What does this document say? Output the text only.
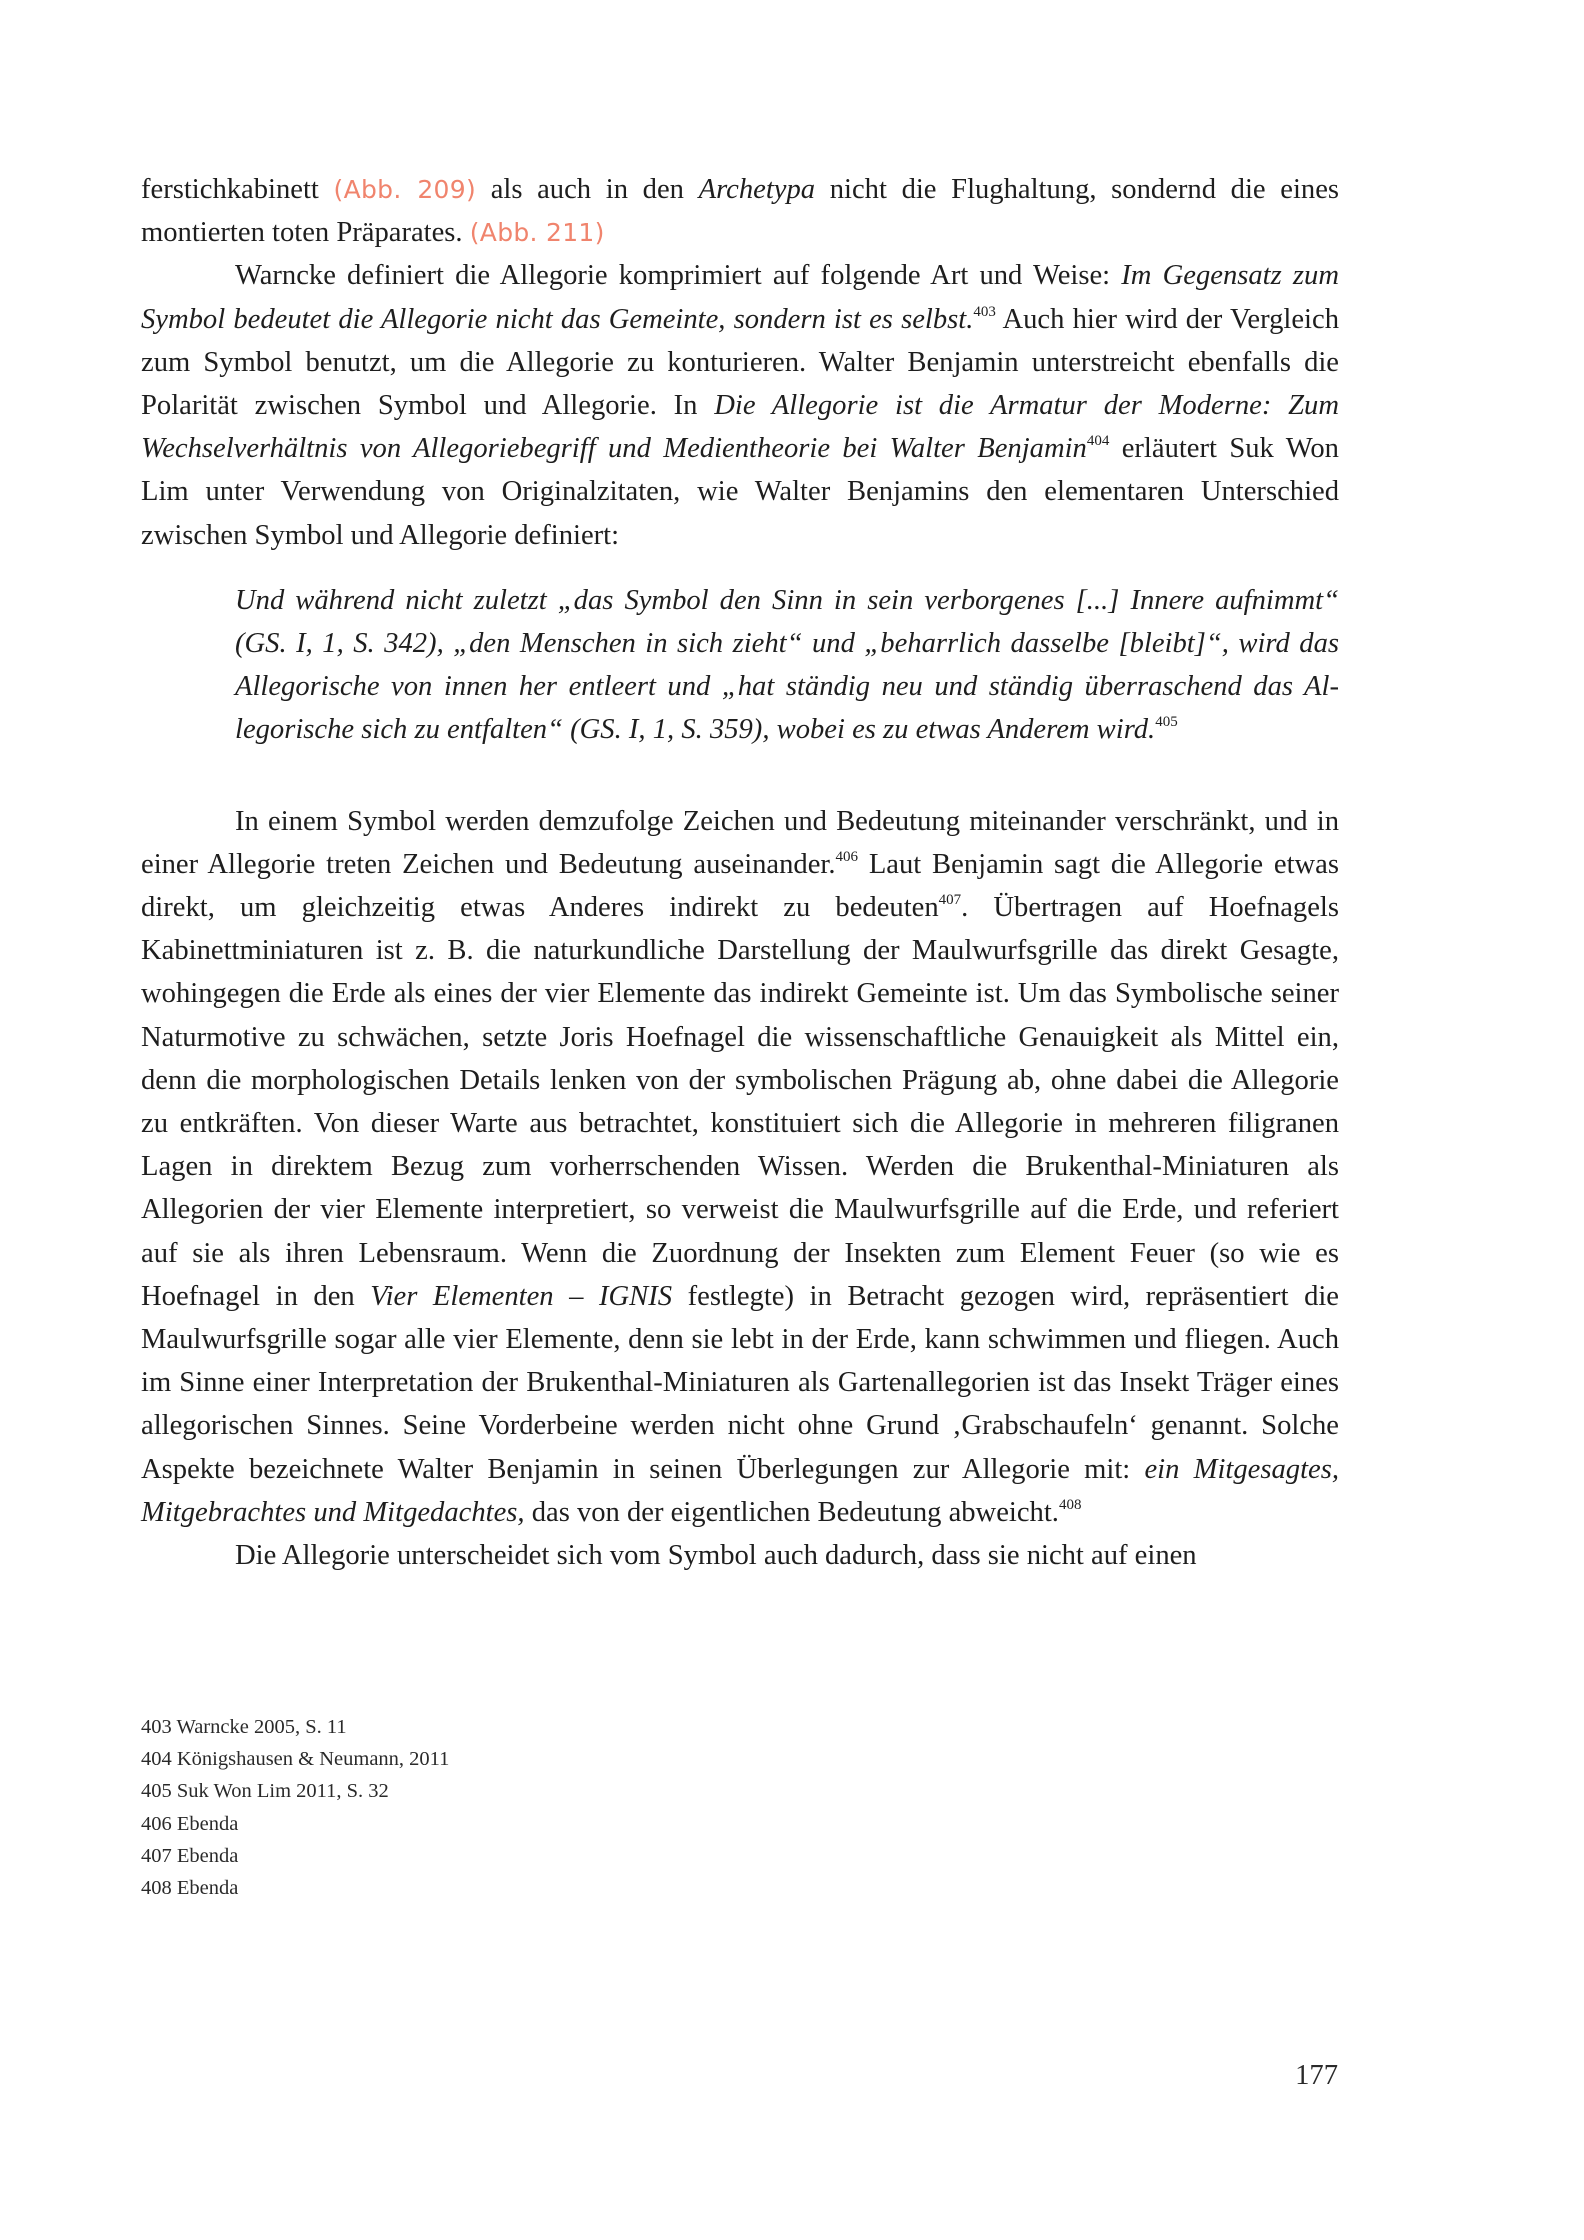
ferstichkabinett (Abb. 209) als auch in den Archetypa nicht die Flughaltung, sondernd die eines montierten toten Präparates. (Abb. 211)

Warncke definiert die Allegorie komprimiert auf folgende Art und Weise: Im Gegensatz zum Symbol bedeutet die Allegorie nicht das Gemeinte, sondern ist es selbst.$^{403}$ Auch hier wird der Vergleich zum Symbol benutzt, um die Allegorie zu konturieren. Walter Benjamin unterstreicht ebenfalls die Polarität zwischen Symbol und Allegorie. In Die Allegorie ist die Armatur der Moderne: Zum Wechselverhältnis von Allegoriebegriff und Medientheorie bei Walter Benjamin$^{404}$ erläutert Suk Won Lim unter Verwendung von Originalzitaten, wie Walter Benjamins den elementaren Unterschied zwischen Symbol und Allegorie definiert:

Und während nicht zuletzt „das Symbol den Sinn in sein verborgenes [...] Innere aufnimmt“ (GS. I, 1, S. 342), „den Menschen in sich zieht“ und „beharrlich dasselbe [bleibt]“, wird das Allegorische von innen her entleert und „hat ständig neu und ständig überraschend das Allegorische sich zu entfalten“ (GS. I, 1, S. 359), wobei es zu etwas Anderem wird.$^{405}$

In einem Symbol werden demzufolge Zeichen und Bedeutung miteinander verschränkt, und in einer Allegorie treten Zeichen und Bedeutung auseinander.$^{406}$ Laut Benjamin sagt die Allegorie etwas direkt, um gleichzeitig etwas Anderes indirekt zu bedeuten$^{407}$. Übertragen auf Hoefnagels Kabinettminiaturen ist z. B. die naturkundliche Darstellung der Maulwurfsgrille das direkt Gesagte, wohingegen die Erde als eines der vier Elemente das indirekt Gemeinte ist. Um das Symbolische seiner Naturmotive zu schwächen, setzte Joris Hoefnagel die wissenschaftliche Genauigkeit als Mittel ein, denn die morphologischen Details lenken von der symbolischen Prägung ab, ohne dabei die Allegorie zu entkräften. Von dieser Warte aus betrachtet, konstituiert sich die Allegorie in mehreren filigranen Lagen in direktem Bezug zum vorherrschenden Wissen. Werden die Brukenthal-Miniaturen als Allegorien der vier Elemente interpretiert, so verweist die Maulwurfsgrille auf die Erde, und referiert auf sie als ihren Lebensraum. Wenn die Zuordnung der Insekten zum Element Feuer (so wie es Hoefnagel in den Vier Elementen – IGNIS festlegte) in Betracht gezogen wird, repräsentiert die Maulwurfsgrille sogar alle vier Elemente, denn sie lebt in der Erde, kann schwimmen und fliegen. Auch im Sinne einer Interpretation der Brukenthal-Miniaturen als Gartenallegorien ist das Insekt Träger eines allegorischen Sinnes. Seine Vorderbeine werden nicht ohne Grund ‚Grabschaufeln‘ genannt. Solche Aspekte bezeichnete Walter Benjamin in seinen Überlegungen zur Allegorie mit: ein Mitgesagtes, Mitgebrachtes und Mitgedachtes, das von der eigentlichen Bedeutung abweicht.$^{408}$

Die Allegorie unterscheidet sich vom Symbol auch dadurch, dass sie nicht auf einen

403 Warncke 2005, S. 11
404 Königshausen & Neumann, 2011
405 Suk Won Lim 2011, S. 32
406 Ebenda
407 Ebenda
408 Ebenda
177
